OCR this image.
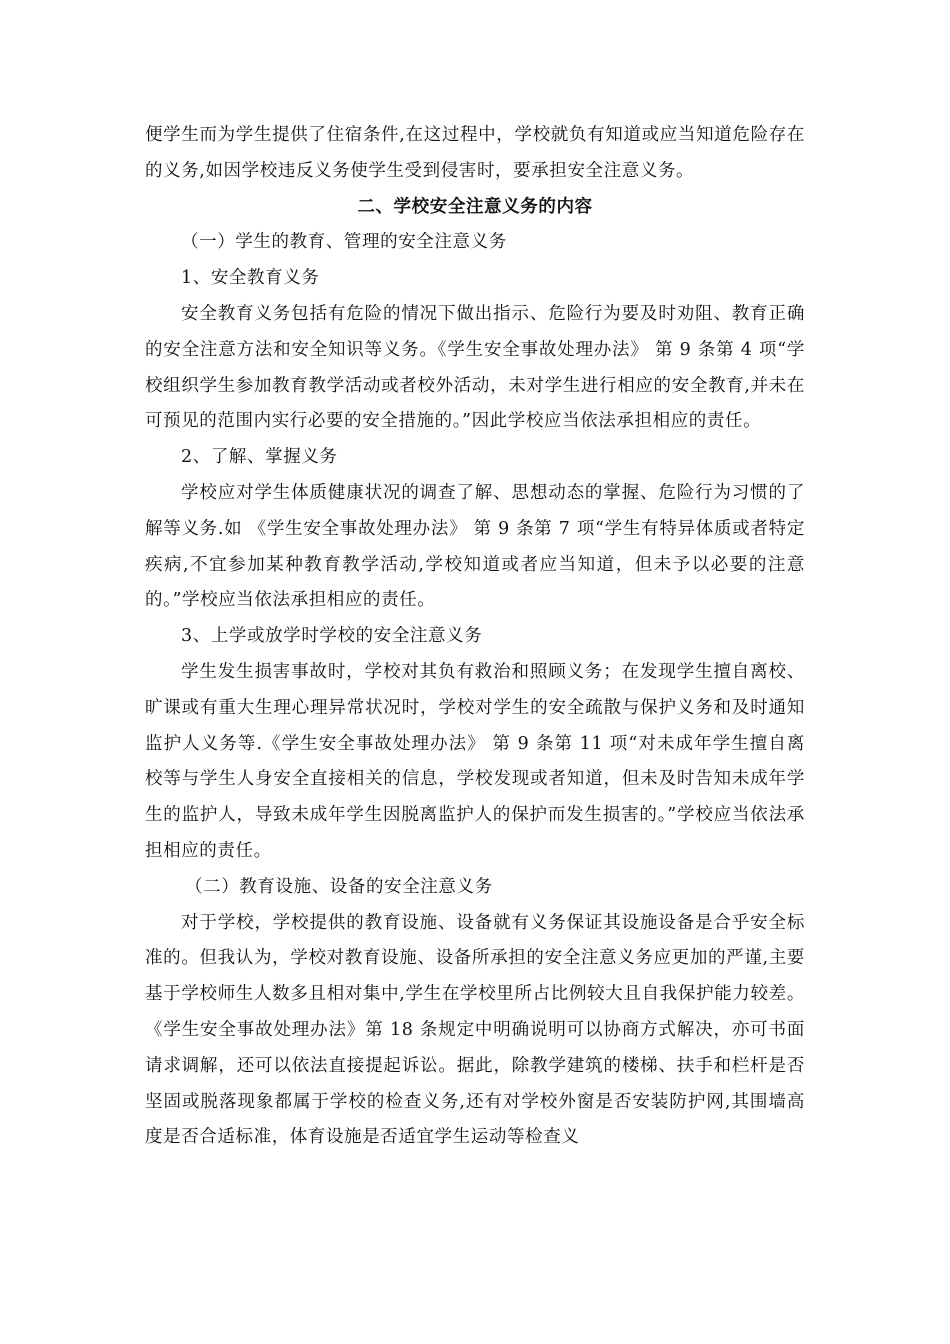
便学生而为学生提供了住宿条件,在这过程中，学校就负有知道或应当知道危险存在的义务,如因学校违反义务使学生受到侵害时，要承担安全注意义务。

二、学校安全注意义务的内容

（一）学生的教育、管理的安全注意义务

1、安全教育义务

安全教育义务包括有危险的情况下做出指示、危险行为要及时劝阻、教育正确的安全注意方法和安全知识等义务。《学生安全事故处理办法》 第 9 条第 4 项“学校组织学生参加教育教学活动或者校外活动，未对学生进行相应的安全教育,并未在可预见的范围内实行必要的安全措施的。”因此学校应当依法承担相应的责任。

2、了解、掌握义务

学校应对学生体质健康状况的调查了解、思想动态的掌握、危险行为习惯的了解等义务.如 《学生安全事故处理办法》 第 9 条第 7 项“学生有特异体质或者特定疾病,不宜参加某种教育教学活动,学校知道或者应当知道，但未予以必要的注意的。”学校应当依法承担相应的责任。

3、上学或放学时学校的安全注意义务

学生发生损害事故时，学校对其负有救治和照顾义务；在发现学生擅自离校、旷课或有重大生理心理异常状况时，学校对学生的安全疏散与保护义务和及时通知监护人义务等.《学生安全事故处理办法》 第 9 条第 11 项“对未成年学生擅自离校等与学生人身安全直接相关的信息，学校发现或者知道，但未及时告知未成年学生的监护人，导致未成年学生因脱离监护人的保护而发生损害的。”学校应当依法承担相应的责任。

（二）教育设施、设备的安全注意义务

对于学校，学校提供的教育设施、设备就有义务保证其设施设备是合乎安全标准的。但我认为，学校对教育设施、设备所承担的安全注意义务应更加的严谨,主要基于学校师生人数多且相对集中,学生在学校里所占比例较大且自我保护能力较差。《学生安全事故处理办法》第 18 条规定中明确说明可以协商方式解决，亦可书面请求调解，还可以依法直接提起诉讼。据此，除教学建筑的楼梯、扶手和栏杆是否坚固或脱落现象都属于学校的检查义务,还有对学校外窗是否安装防护网,其围墙高度是否合适标准，体育设施是否适宜学生运动等检查义
